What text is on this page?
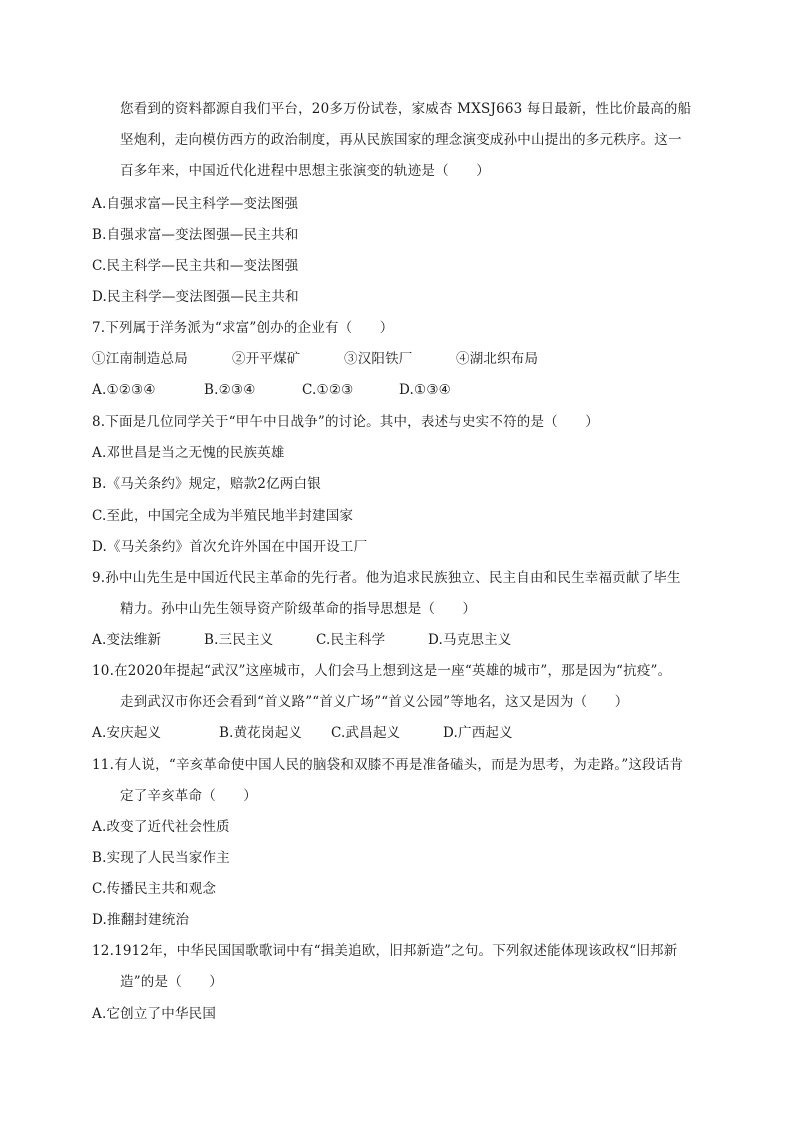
您看到的资料都源自我们平台，20多万份试卷，家威杏 MXSJ663 每日最新，性比价最高的船
坚炮利，走向模仿西方的政治制度，再从民族国家的理念演变成孙中山提出的多元秩序。这一
百多年来，中国近代化进程中思想主张演变的轨迹是（　　）
A.自强求富—民主科学—变法图强
B.自强求富—变法图强—民主共和
C.民主科学—民主共和—变法图强
D.民主科学—变法图强—民主共和
7.下列属于洋务派为“求富”创办的企业有（　　）
①江南制造总局	②开平煤矿	③汉阳铁厂	④湖北织布局
A.①②③④	B.②③④	C.①②③	D.①③④
8.下面是几位同学关于“甲午中日战争”的讨论。其中，表述与史实不符的是（　　）
A.邓世昌是当之无愧的民族英雄
B.《马关条约》规定，赔款2亿两白银
C.至此，中国完全成为半殖民地半封建国家
D.《马关条约》首次允许外国在中国开设工厂
9.孙中山先生是中国近代民主革命的先行者。他为追求民族独立、民主自由和民生幸福贡献了毕生
精力。孙中山先生领导资产阶级革命的指导思想是（　　）
A.变法维新	B.三民主义	C.民主科学	D.马克思主义
10.在2020年提起“武汉”这座城市，人们会马上想到这是一座“英雄的城市”，那是因为“抗疫”。
走到武汉市你还会看到“首义路”“首义广场”“首义公园”等地名，这又是因为（　　）
A.安庆起义	B.黄花岗起义 C.武昌起义	D.广西起义
11.有人说，“辛亥革命使中国人民的脑袋和双膝不再是准备磕头，而是为思考，为走路。”这段话肯
定了辛亥革命（　　）
A.改变了近代社会性质
B.实现了人民当家作主
C.传播民主共和观念
D.推翻封建统治
12.1912年，中华民国国歌歌词中有“揖美追欧，旧邦新造”之句。下列叙述能体现该政权“旧邦新
造”的是（　　）
A.它创立了中华民国
